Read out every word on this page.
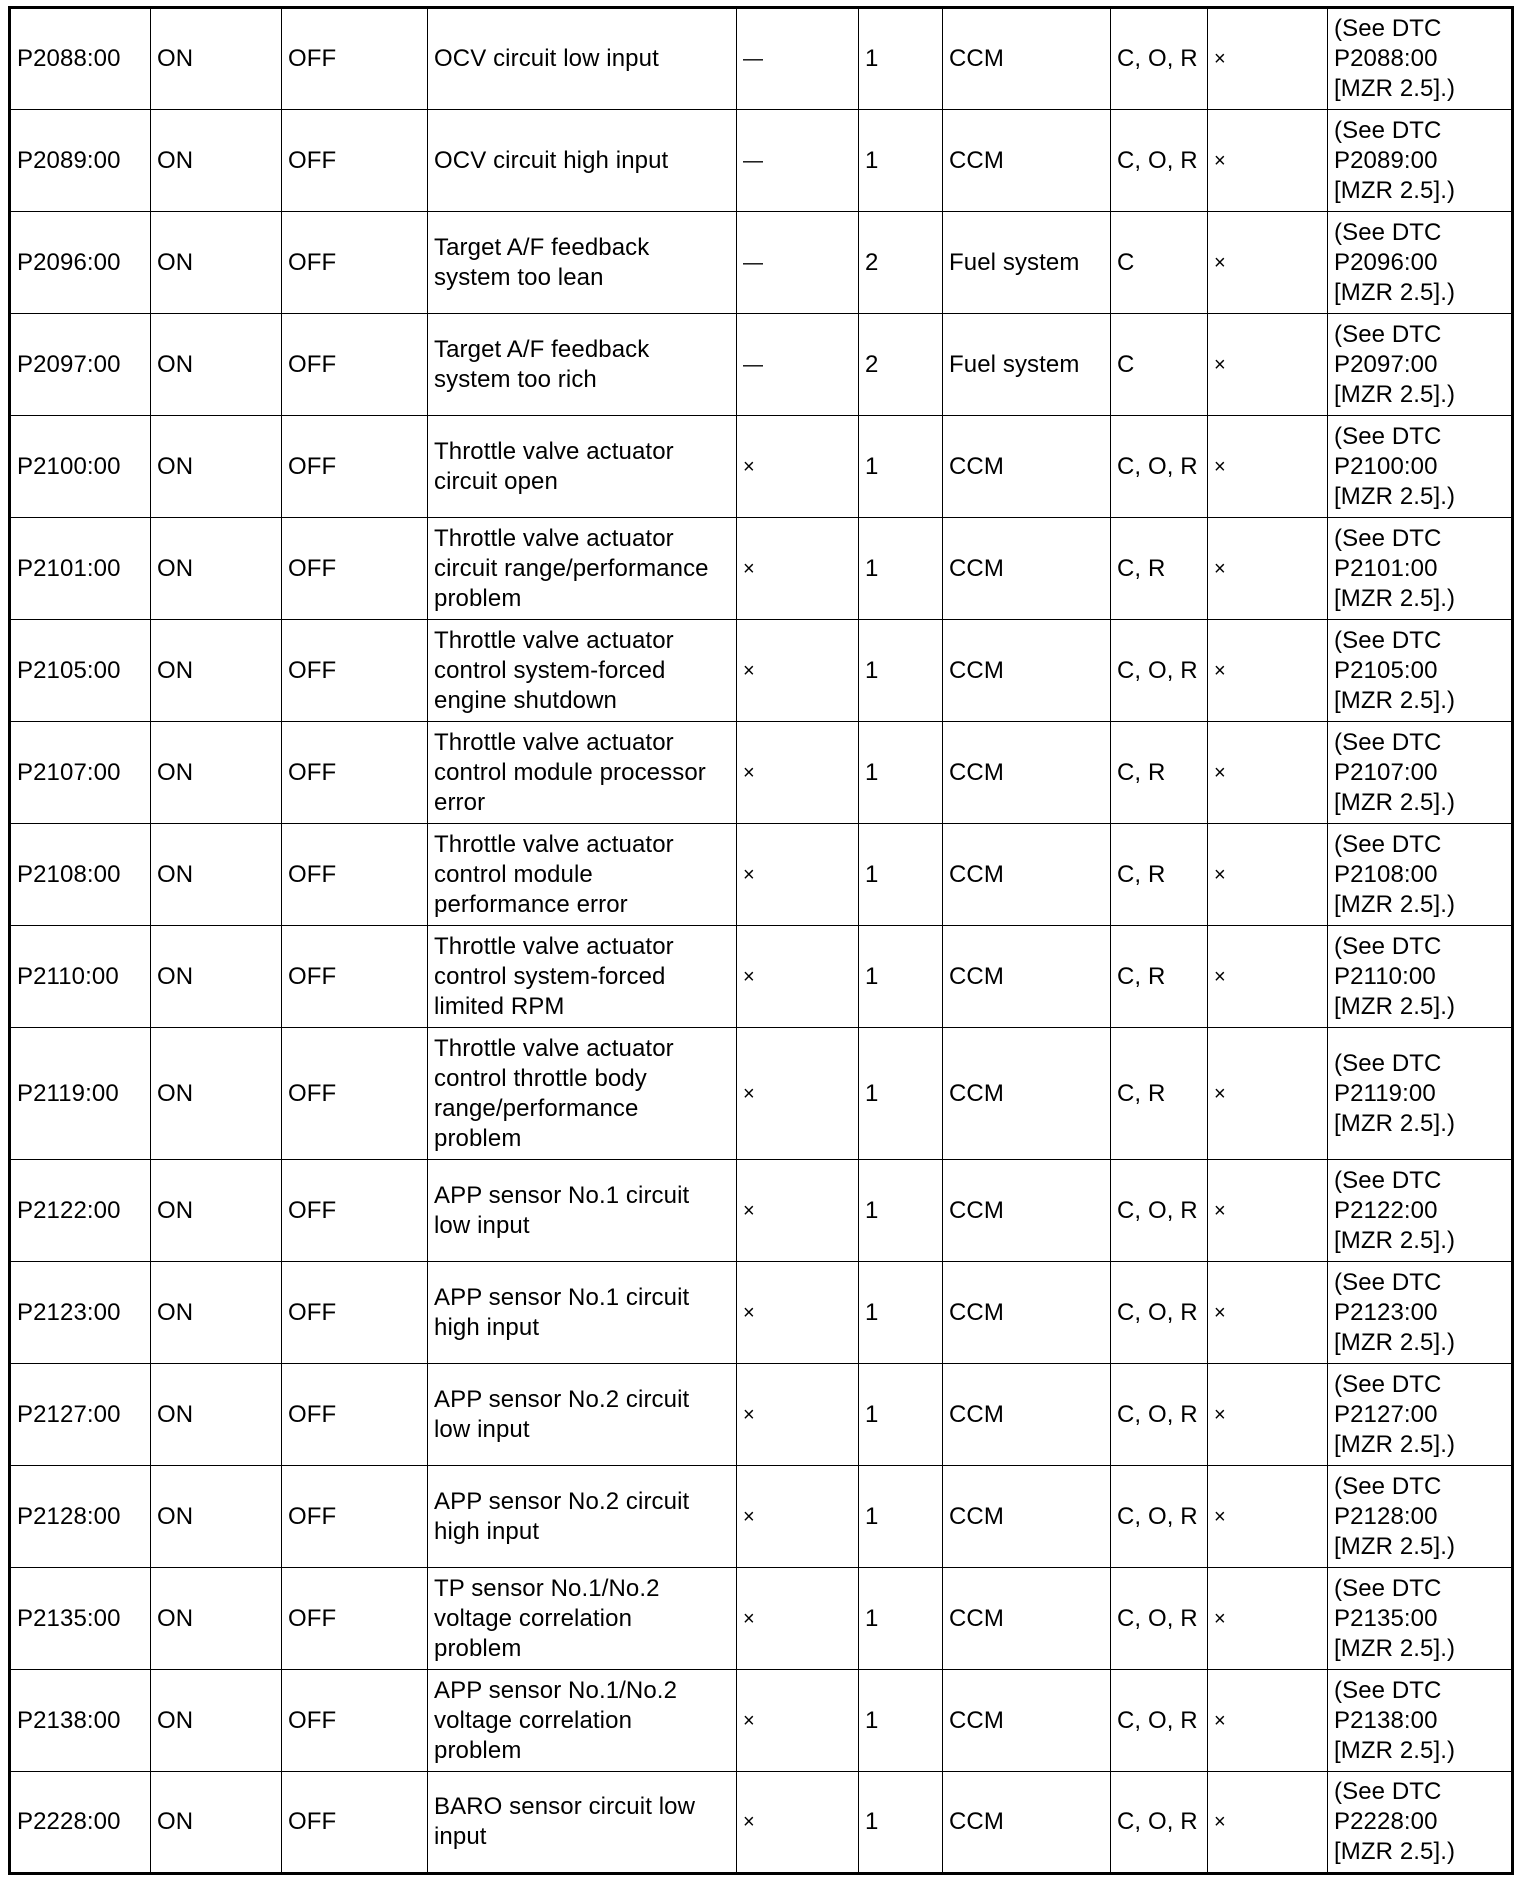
P2088:00	ON	OFF	OCV circuit low input	—	1	CCM	C, O, R	×	(See DTC
P2088:00
[MZR 2.5].)
P2089:00	ON	OFF	OCV circuit high input	—	1	CCM	C, O, R	×	(See DTC
P2089:00
[MZR 2.5].)
P2096:00	ON	OFF	Target A/F feedback
system too lean	—	2	Fuel system	C	×	(See DTC
P2096:00
[MZR 2.5].)
P2097:00	ON	OFF	Target A/F feedback
system too rich	—	2	Fuel system	C	×	(See DTC
P2097:00
[MZR 2.5].)
P2100:00	ON	OFF	Throttle valve actuator
circuit open	×	1	CCM	C, O, R	×	(See DTC
P2100:00
[MZR 2.5].)
P2101:00	ON	OFF	Throttle valve actuator
circuit range/performance
problem	×	1	CCM	C, R	×	(See DTC
P2101:00
[MZR 2.5].)
P2105:00	ON	OFF	Throttle valve actuator
control system-forced
engine shutdown	×	1	CCM	C, O, R	×	(See DTC
P2105:00
[MZR 2.5].)
P2107:00	ON	OFF	Throttle valve actuator
control module processor
error	×	1	CCM	C, R	×	(See DTC
P2107:00
[MZR 2.5].)
P2108:00	ON	OFF	Throttle valve actuator
control module
performance error	×	1	CCM	C, R	×	(See DTC
P2108:00
[MZR 2.5].)
P2110:00	ON	OFF	Throttle valve actuator
control system-forced
limited RPM	×	1	CCM	C, R	×	(See DTC
P2110:00
[MZR 2.5].)
P2119:00	ON	OFF	Throttle valve actuator
control throttle body
range/performance
problem	×	1	CCM	C, R	×	(See DTC
P2119:00
[MZR 2.5].)
P2122:00	ON	OFF	APP sensor No.1 circuit
low input	×	1	CCM	C, O, R	×	(See DTC
P2122:00
[MZR 2.5].)
P2123:00	ON	OFF	APP sensor No.1 circuit
high input	×	1	CCM	C, O, R	×	(See DTC
P2123:00
[MZR 2.5].)
P2127:00	ON	OFF	APP sensor No.2 circuit
low input	×	1	CCM	C, O, R	×	(See DTC
P2127:00
[MZR 2.5].)
P2128:00	ON	OFF	APP sensor No.2 circuit
high input	×	1	CCM	C, O, R	×	(See DTC
P2128:00
[MZR 2.5].)
P2135:00	ON	OFF	TP sensor No.1/No.2
voltage correlation
problem	×	1	CCM	C, O, R	×	(See DTC
P2135:00
[MZR 2.5].)
P2138:00	ON	OFF	APP sensor No.1/No.2
voltage correlation
problem	×	1	CCM	C, O, R	×	(See DTC
P2138:00
[MZR 2.5].)
P2228:00	ON	OFF	BARO sensor circuit low
input	×	1	CCM	C, O, R	×	(See DTC
P2228:00
[MZR 2.5].)
